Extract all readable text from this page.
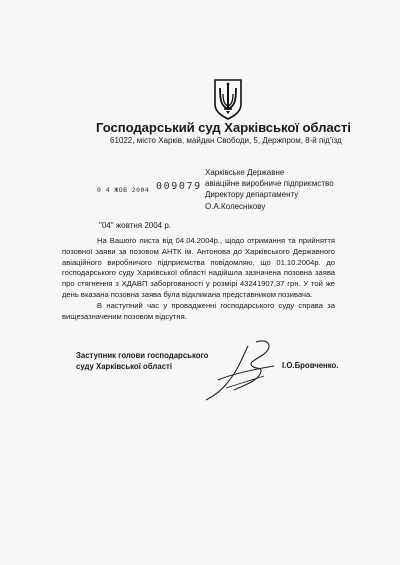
Господарський суд Харківської області
61022, місто Харків, майдан Свободи, 5, Держпром, 8-й під'їзд
0 4 ЖОВ 2004 009079
Харківське Державне
авіаційне виробниче підприємство
Директору департаменту
О.А.Колеснікову
"04" жовтня 2004 р.

На Вашого листа від 04.04.2004р., щодо отримання та прийняття позовної заяви за позовом АНТК ім. Антонова до Харківського Державного авіаційного виробничого підприємства повідомляю, що 01.10.2004р. до господарського суду Харківської області надійшла зазначена позовна заява про стягнення з ХДАВП заборгованості у розмірі 43241907,37 грн. У той же день вказана позовна заява була відкликана представником позивача.

В наступний час у провадженні господарського суду справа за вищезазначеним позовом відсутня.

Заступник голови господарського
суду Харківської області	І.О.Бровченко.
